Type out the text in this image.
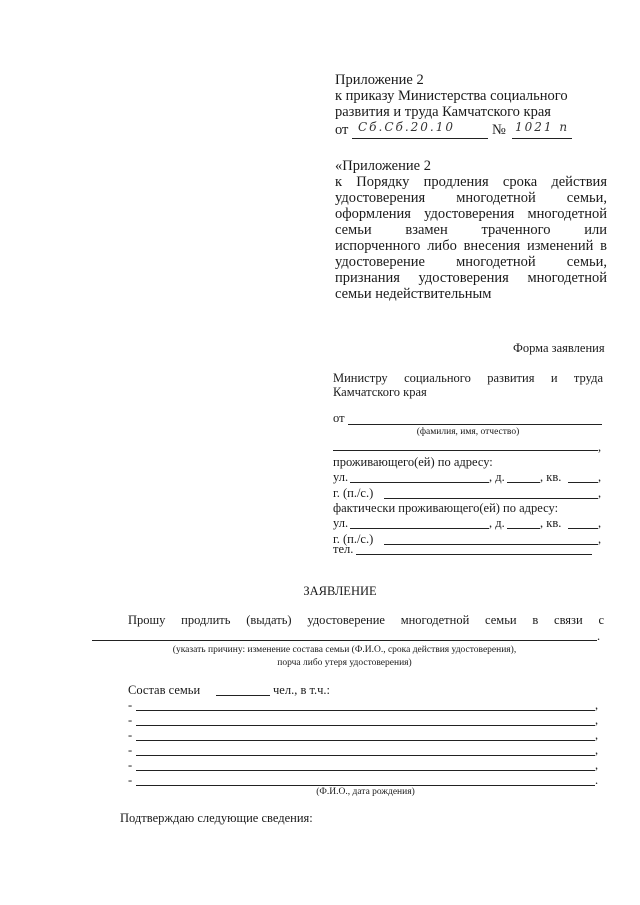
Приложение 2
к приказу Министерства социального
развития и труда Камчатского края
от Сб.Сб.20.10	№ 1021 п
«Приложение 2
к Порядку продления срока действия
удостоверения многодетной семьи,
оформления удостоверения многодетной
семьи взамен траченного или
испорченного либо внесения изменений в
удостоверение многодетной семьи,
признания удостоверения многодетной
семьи недействительным
Форма заявления
Министру социального развития и труда
Камчатского края
от
(фамилия, имя, отчество)
,
проживающего(ей) по адресу:
ул.	, д.	, кв.	,
г. (п./с.)	,
фактически проживающего(ей) по адресу:
ул.	, д.	, кв.	,
г. (п./с.)	,
тел.
ЗАЯВЛЕНИЕ
Прошу продлить (выдать) удостоверение многодетной семьи в связи с
.
(указать причину: изменение состава семьи (Ф.И.О., срока действия удостоверения),
порча либо утеря удостоверения)
Состав семьи	чел., в т.ч.:
-	,
-	,
-	,
-	,
-	,
-	.
(Ф.И.О., дата рождения)
Подтверждаю следующие сведения:
